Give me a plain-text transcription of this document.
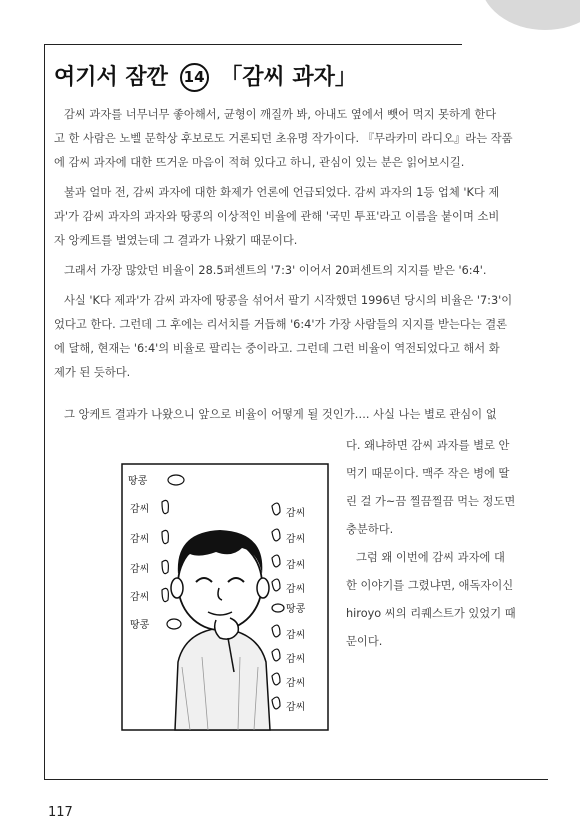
여기서 잠깐 14 「감씨 과자」
감씨 과자를 너무너무 좋아해서, 균형이 깨질까 봐, 아내도 옆에서 뺏어 먹지 못하게 한다
고 한 사람은 노벨 문학상 후보로도 거론되던 초유명 작가이다. 『무라카미 라디오』라는 작품
에 감씨 과자에 대한 뜨거운 마음이 적혀 있다고 하니, 관심이 있는 분은 읽어보시길.
불과 얼마 전, 감씨 과자에 대한 화제가 언론에 언급되었다. 감씨 과자의 1등 업체 'K다 제
과'가 감씨 과자의 과자와 땅콩의 이상적인 비율에 관해 '국민 투표'라고 이름을 붙이며 소비
자 앙케트를 벌였는데 그 결과가 나왔기 때문이다.
그래서 가장 많았던 비율이 28.5퍼센트의 '7:3' 이어서 20퍼센트의 지지를 받은 '6:4'.
사실 'K다 제과'가 감씨 과자에 땅콩을 섞어서 팔기 시작했던 1996년 당시의 비율은 '7:3'이
었다고 한다. 그런데 그 후에는 리서치를 거듭해 '6:4'가 가장 사람들의 지지를 받는다는 결론
에 달해, 현재는 '6:4'의 비율로 팔리는 중이라고. 그런데 그런 비율이 역전되었다고 해서 화
제가 된 듯하다.
그 앙케트 결과가 나왔으니 앞으로 비율이 어떻게 될 것인가…. 사실 나는 별로 관심이 없
다. 왜냐하면 감씨 과자를 별로 안
먹기 때문이다. 맥주 작은 병에 딸
린 걸 가~끔 찔끔찔끔 먹는 정도면
충분하다.
그럼 왜 이번에 감씨 과자에 대
한 이야기를 그렸냐면, 애독자이신
hiroyo 씨의 리퀘스트가 있었기 때
문이다.
땅콩
감씨
감씨
감씨
감씨
땅콩
감씨
감씨
감씨
감씨
땅콩
감씨
감씨
감씨
감씨
117
